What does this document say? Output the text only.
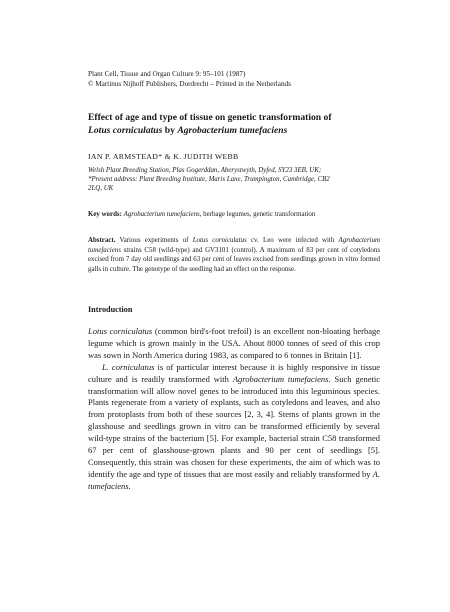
Plant Cell, Tissue and Organ Culture 9: 95–101 (1987)
© Martinus Nijhoff Publishers, Dordrecht – Printed in the Netherlands
Effect of age and type of tissue on genetic transformation of
Lotus corniculatus by Agrobacterium tumefaciens
IAN P. ARMSTEAD* & K. JUDITH WEBB
Welsh Plant Breeding Station, Plas Gogerddan, Aberystwyth, Dyfed, SY23 3EB, UK;
*Present address: Plant Breeding Institute, Maris Lane, Trumpington, Cambridge, CB2
2LQ, UK
Key words: Agrobacterium tumefaciens, herbage legumes, genetic transformation
Abstract. Various experiments of Lotus corniculatus cv. Leo were infected with Agrobacterium tumefaciens strains C58 (wild-type) and GV3101 (control). A maximum of 83 per cent of cotyledons excised from 7 day old seedlings and 63 per cent of leaves excised from seedlings grown in vitro formed galls in culture. The genotype of the seedling had an effect on the response.
Introduction

Lotus corniculatus (common bird's-foot trefoil) is an excellent non-bloating herbage legume which is grown mainly in the USA. About 8000 tonnes of seed of this crop was sown in North America during 1983, as compared to 6 tonnes in Britain [1].

L. corniculatus is of particular interest because it is highly responsive in tissue culture and is readily transformed with Agrobacterium tumefaciens. Such genetic transformation will allow novel genes to be introduced into this leguminous species. Plants regenerate from a variety of explants, such as cotyledons and leaves, and also from protoplasts from both of these sources [2, 3, 4]. Stems of plants grown in the glasshouse and seedlings grown in vitro can be transformed efficiently by several wild-type strains of the bacterium [5]. For example, bacterial strain C58 transformed 67 per cent of glasshouse-grown plants and 90 per cent of seedlings [5]. Consequently, this strain was chosen for these experiments, the aim of which was to identify the age and type of tissues that are most easily and reliably transformed by A. tumefaciens.
